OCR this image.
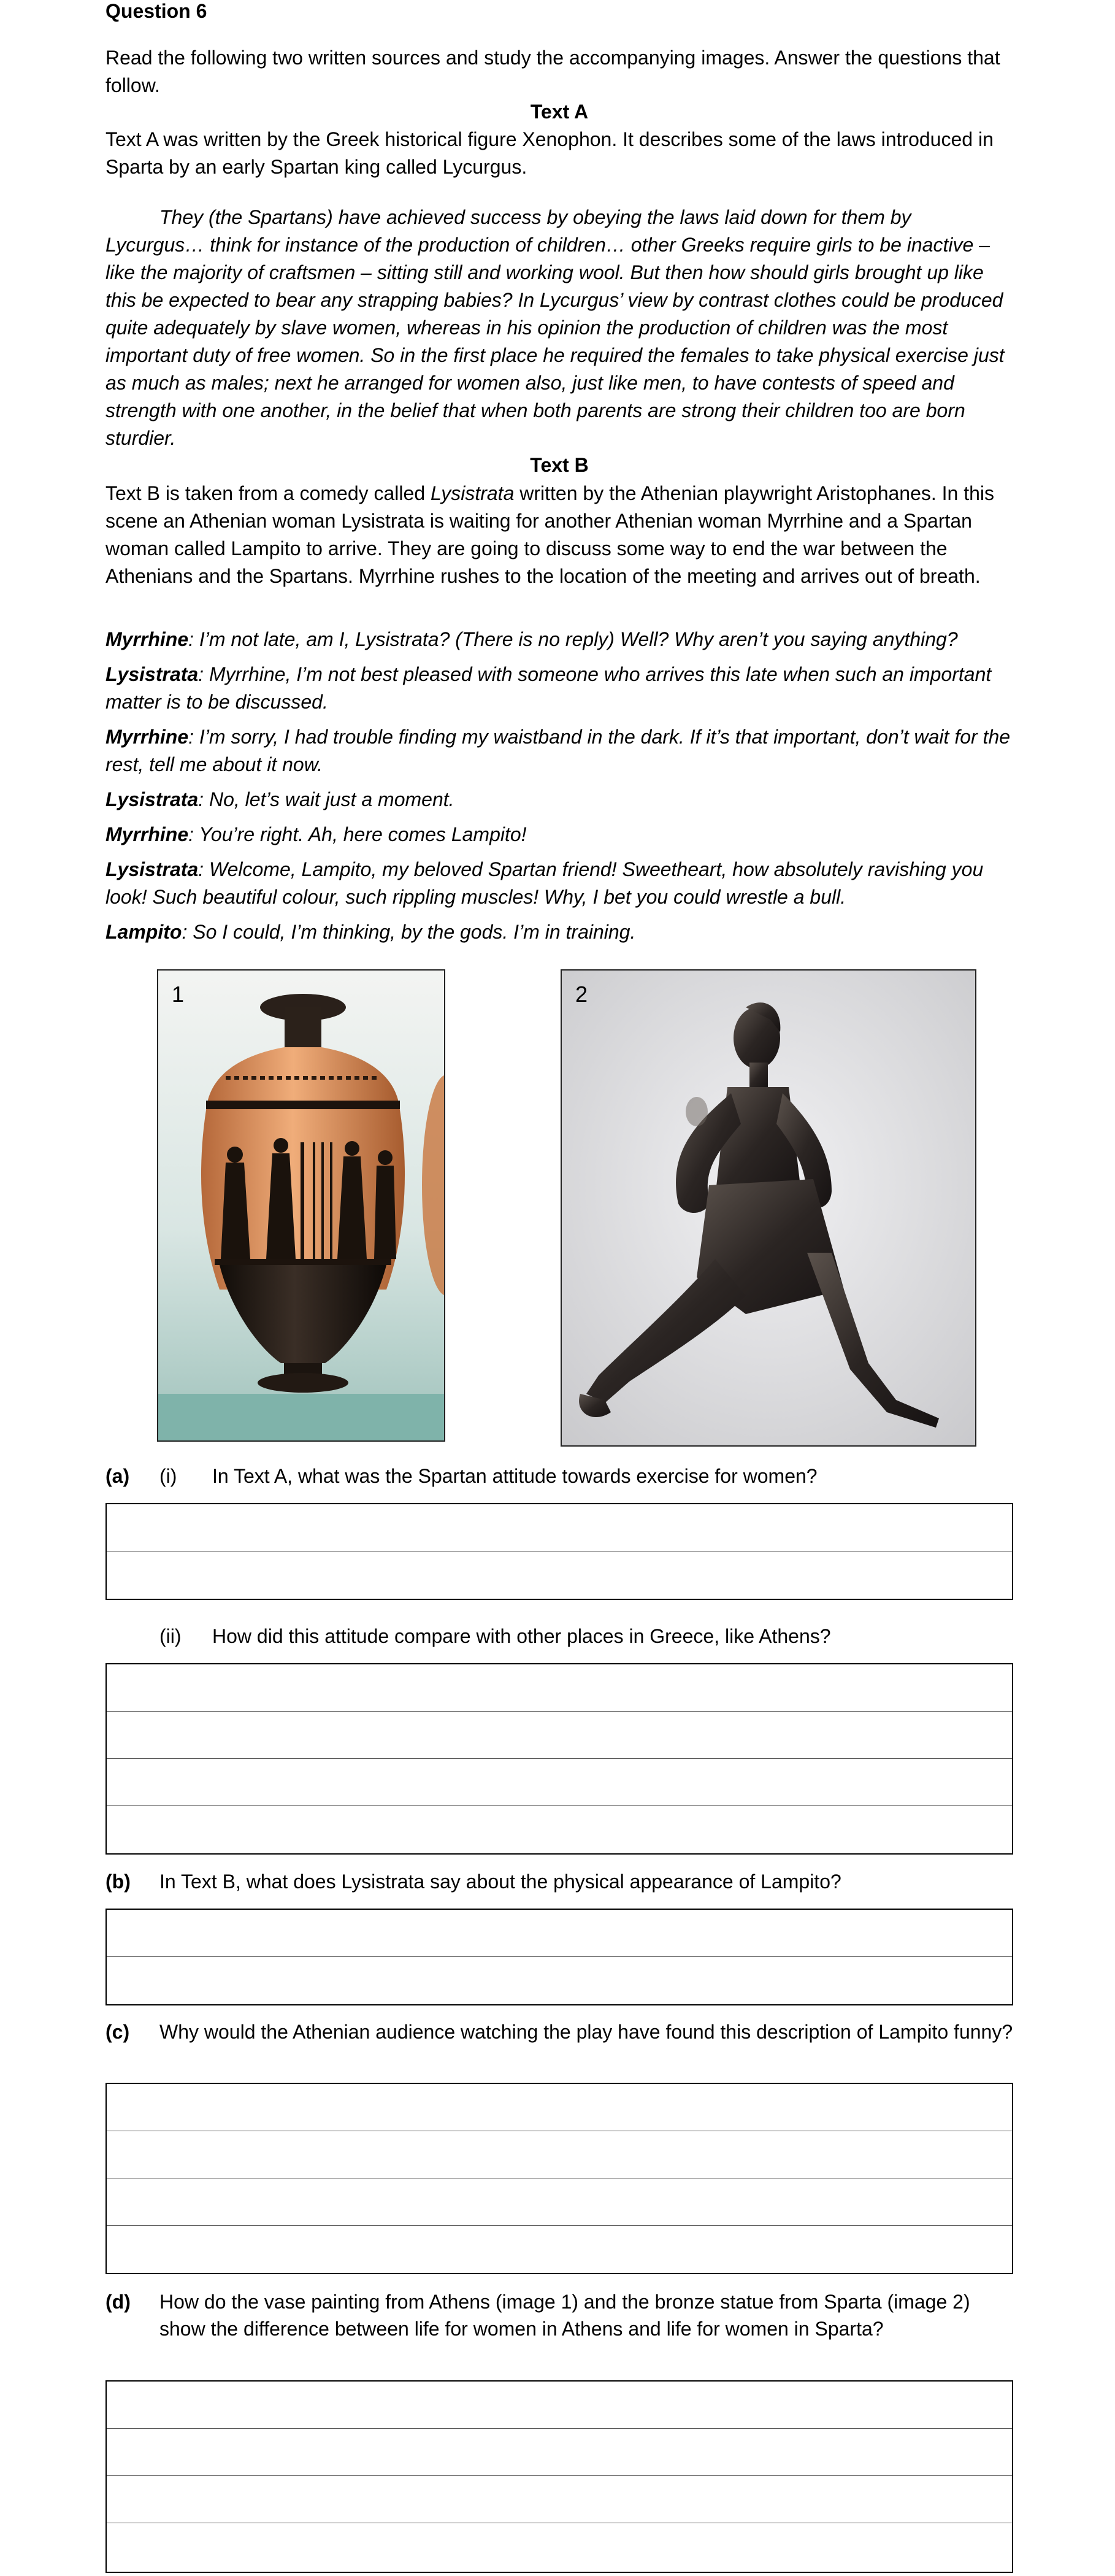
Question 6
Read the following two written sources and study the accompanying images. Answer the questions that follow.
Text A
Text A was written by the Greek historical figure Xenophon. It describes some of the laws introduced in Sparta by an early Spartan king called Lycurgus.
They (the Spartans) have achieved success by obeying the laws laid down for them by Lycurgus… think for instance of the production of children… other Greeks require girls to be inactive – like the majority of craftsmen – sitting still and working wool. But then how should girls brought up like this be expected to bear any strapping babies? In Lycurgus’ view by contrast clothes could be produced quite adequately by slave women, whereas in his opinion the production of children was the most important duty of free women. So in the first place he required the females to take physical exercise just as much as males; next he arranged for women also, just like men, to have contests of speed and strength with one another, in the belief that when both parents are strong their children too are born sturdier.
Text B
Text B is taken from a comedy called Lysistrata written by the Athenian playwright Aristophanes. In this scene an Athenian woman Lysistrata is waiting for another Athenian woman Myrrhine and a Spartan woman called Lampito to arrive. They are going to discuss some way to end the war between the Athenians and the Spartans. Myrrhine rushes to the location of the meeting and arrives out of breath.

Myrrhine: I’m not late, am I, Lysistrata? (There is no reply) Well? Why aren’t you saying anything?

Lysistrata: Myrrhine, I’m not best pleased with someone who arrives this late when such an important matter is to be discussed.

Myrrhine: I’m sorry, I had trouble finding my waistband in the dark. If it’s that important, don’t wait for the rest, tell me about it now.

Lysistrata: No, let’s wait just a moment.

Myrrhine: You’re right. Ah, here comes Lampito!

Lysistrata: Welcome, Lampito, my beloved Spartan friend! Sweetheart, how absolutely ravishing you look! Such beautiful colour, such rippling muscles! Why, I bet you could wrestle a bull.

Lampito: So I could, I’m thinking, by the gods. I’m in training.

1	2
(a) (i) In Text A, what was the Spartan attitude towards exercise for women?
(ii) How did this attitude compare with other places in Greece, like Athens?
(b) In Text B, what does Lysistrata say about the physical appearance of Lampito?
(c) Why would the Athenian audience watching the play have found this description of Lampito funny?
(d) How do the vase painting from Athens (image 1) and the bronze statue from Sparta (image 2) show the difference between life for women in Athens and life for women in Sparta?
